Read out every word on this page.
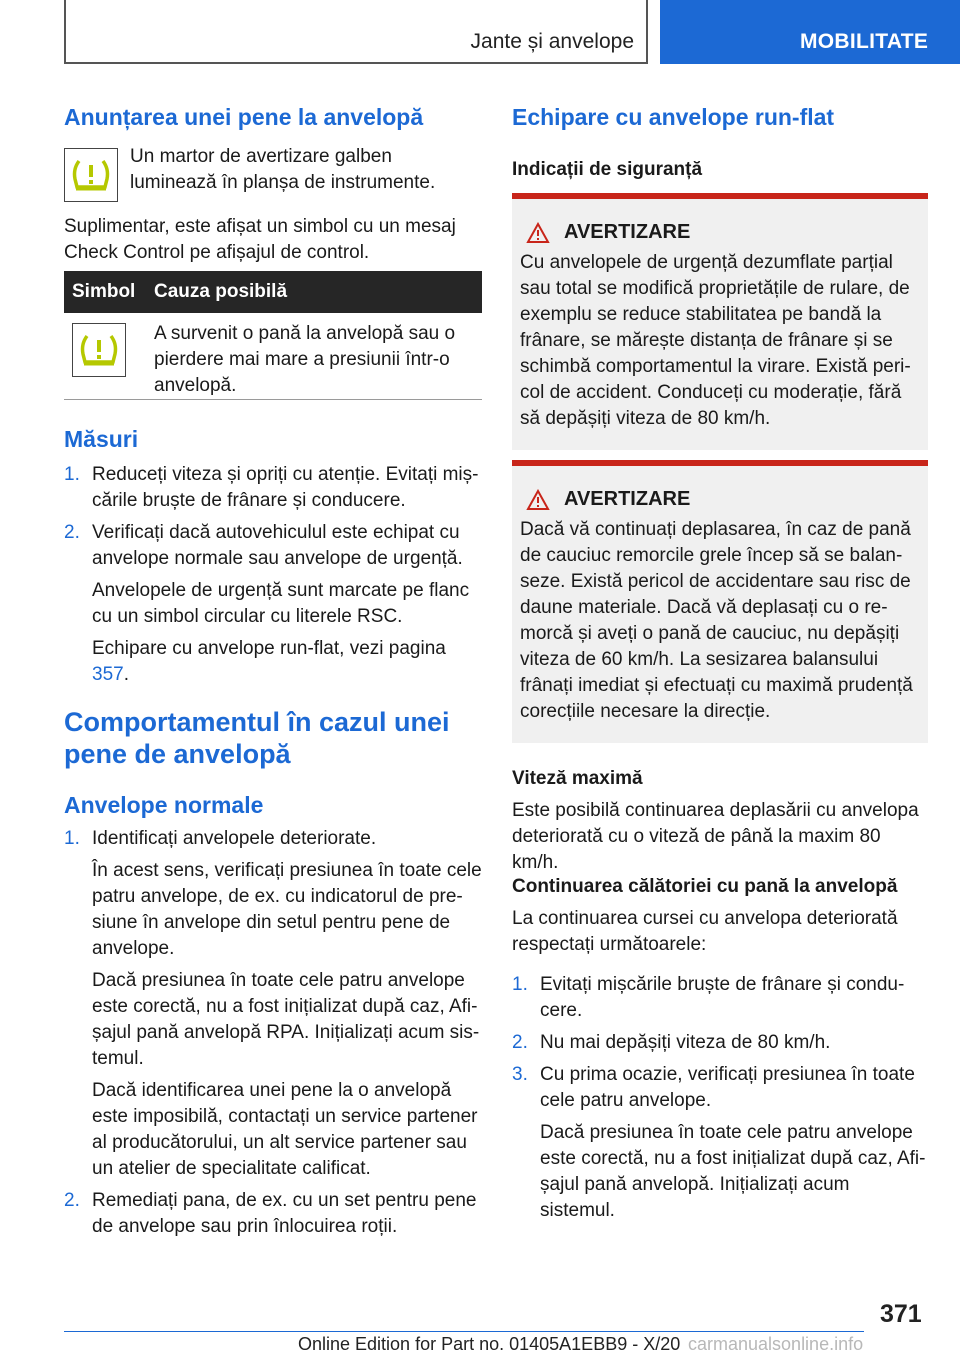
Jante și anvelope	MOBILITATE
Anunțarea unei pene la anvelopă

Un martor de avertizare galben luminează în planșa de instrumente.

Suplimentar, este afișat un simbol cu un mesaj Check Control pe afișajul de control.

Simbol	Cauza posibilă

	A survenit o pană la anvelopă sau o pierdere mai mare a presiunii într‑o anvelopă.
Măsuri
1. Reduceți viteza și opriți cu atenție. Evitați mișcările bruște de frânare și conducere.
2. Verificați dacă autovehiculul este echipat cu anvelope normale sau anvelope de urgență.

Anvelopele de urgență sunt marcate pe flanc cu un simbol circular cu literele RSC.

Echipare cu anvelope run‑flat, vezi pagina 357.

Comportamentul în cazul unei pene de anvelopă
Anvelope normale
1. Identificați anvelopele deteriorate.

În acest sens, verificați presiunea în toate cele patru anvelope, de ex. cu indicatorul de presiune în anvelope din setul pentru pene de anvelope.

Dacă presiunea în toate cele patru anvelope este corectă, nu a fost inițializat după caz, Afișajul pană anvelopă RPA. Inițializați acum sistemul.

Dacă identificarea unei pene la o anvelopă este imposibilă, contactați un service partener al producătorului, un alt service partener sau un atelier de specialitate calificat.

2. Remediați pana, de ex. cu un set pentru pene de anvelope sau prin înlocuirea roții.
Echipare cu anvelope run‑flat

Indicații de siguranță

AVERTIZARE

Cu anvelopele de urgență dezumflate parțial sau total se modifică proprietățile de rulare, de exemplu se reduce stabilitatea pe bandă la frânare, se mărește distanța de frânare și se schimbă comportamentul la virare. Există pericol de accident. Conduceți cu moderație, fără să depășiți viteza de 80 km/h.

AVERTIZARE

Dacă vă continuați deplasarea, în caz de pană de cauciuc remorcile grele încep să se balanseze. Există pericol de accidentare sau risc de daune materiale. Dacă vă deplasați cu o remorcă și aveți o pană de cauciuc, nu depășiți viteza de 60 km/h. La sesizarea balansului frânați imediat și efectuați cu maximă prudență corecțiile necesare la direcție.

Viteză maximă

Este posibilă continuarea deplasării cu anvelopa deteriorată cu o viteză de până la maxim 80 km/h.

Continuarea călătoriei cu pană la anvelopă

La continuarea cursei cu anvelopa deteriorată respectați următoarele:

1. Evitați mișcările bruște de frânare și conducere.
2. Nu mai depășiți viteza de 80 km/h.
3. Cu prima ocazie, verificați presiunea în toate cele patru anvelope.

Dacă presiunea în toate cele patru anvelope este corectă, nu a fost inițializat după caz, Afișajul pană anvelopă. Inițializați acum sistemul.

371
Online Edition for Part no. 01405A1EBB9 - X/20 carmanualsonline.info
